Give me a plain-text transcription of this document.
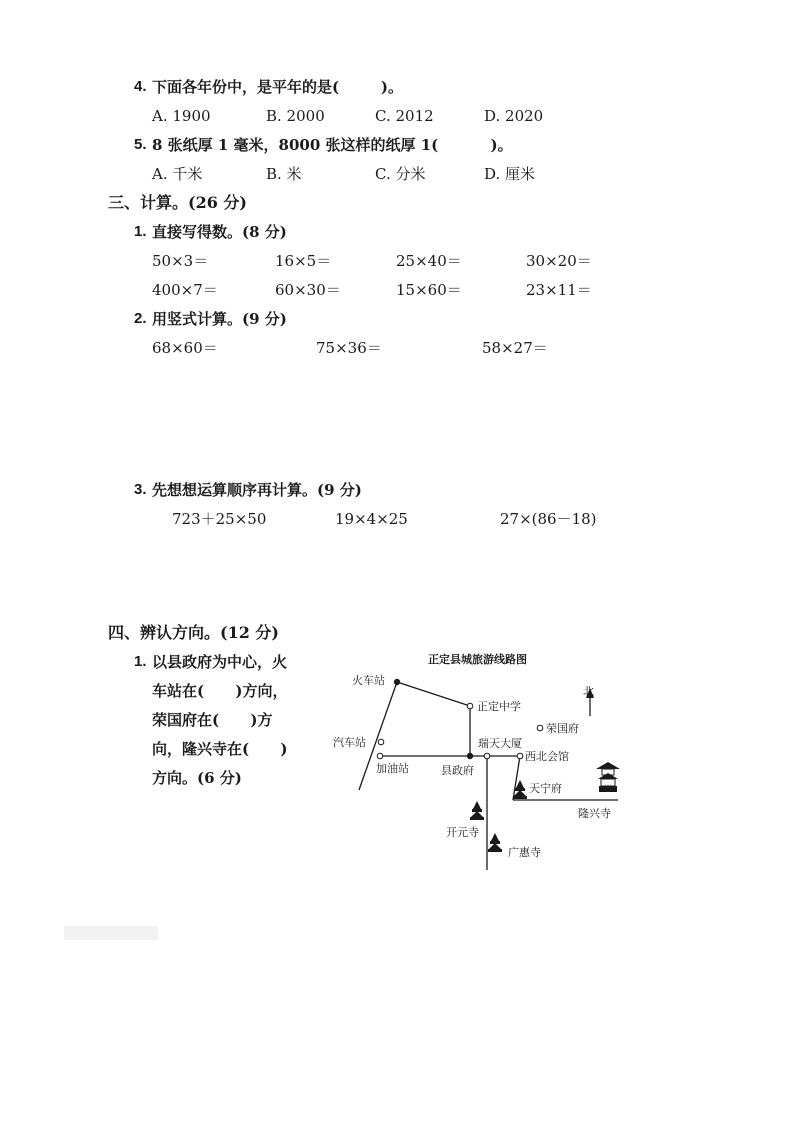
4. 下面各年份中，是平年的是(        )。
A. 1900	B. 2000	C. 2012	D. 2020
5. 8 张纸厚 1 毫米，8000 张这样的纸厚 1(          )。
A. 千米	B. 米	C. 分米	D. 厘米
三、计算。(26 分)
1. 直接写得数。(8 分)
50×3＝	16×5＝	25×40＝	30×20＝
400×7＝	60×30＝	15×60＝	23×11＝
2. 用竖式计算。(9 分)
68×60＝	75×36＝	58×27＝
3. 先想想运算顺序再计算。(9 分)
723＋25×50	19×4×25	27×(86－18)
四、辨认方向。(12 分)
1. 以县政府为中心，火
车站在(      )方向，
荣国府在(      )方
向，隆兴寺在(      )
方向。(6 分)
正定县城旅游线路图
火车站
正定中学
荣国府
汽车站	瑞天大厦
西北会馆
加油站	县政府
天宁府
隆兴寺
开元寺
广惠寺
北
